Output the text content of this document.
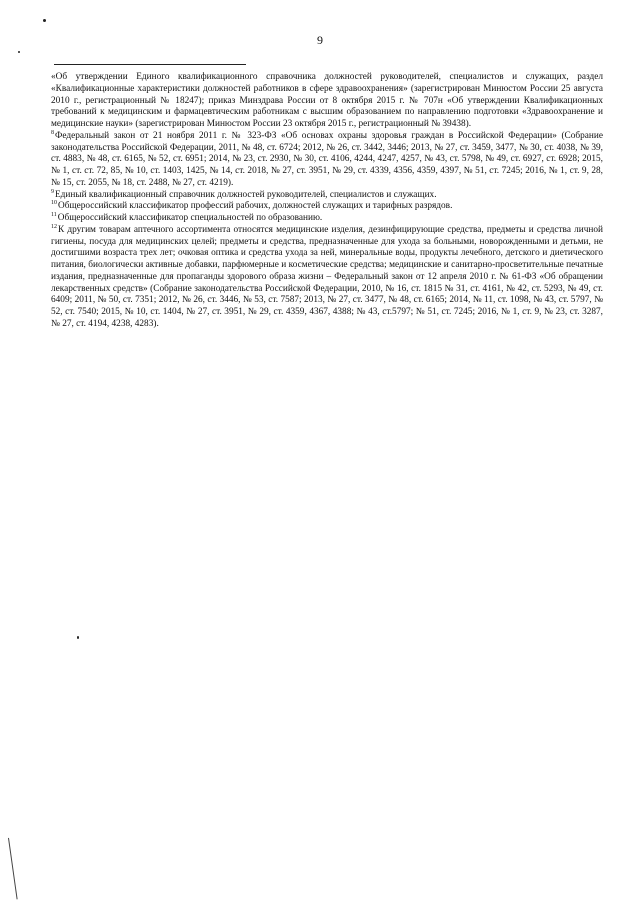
9

«Об утверждении Единого квалификационного справочника должностей руководителей, специалистов и служащих, раздел «Квалификационные характеристики должностей работников в сфере здравоохранения» (зарегистрирован Минюстом России 25 августа 2010 г., регистрационный № 18247); приказ Минздрава России от 8 октября 2015 г. № 707н «Об утверждении Квалификационных требований к медицинским и фармацевтическим работникам с высшим образованием по направлению подготовки «Здравоохранение и медицинские науки» (зарегистрирован Минюстом России 23 октября 2015 г., регистрационный № 39438).

$^8$Федеральный закон от 21 ноября 2011 г. № 323-ФЗ «Об основах охраны здоровья граждан в Российской Федерации» (Собрание законодательства Российской Федерации, 2011, № 48, ст. 6724; 2012, № 26, ст. 3442, 3446; 2013, № 27, ст. 3459, 3477, № 30, ст. 4038, № 39, ст. 4883, № 48, ст. 6165, № 52, ст. 6951; 2014, № 23, ст. 2930, № 30, ст. 4106, 4244, 4247, 4257, № 43, ст. 5798, № 49, ст. 6927, ст. 6928; 2015, № 1, ст. ст. 72, 85, № 10, ст. 1403, 1425, № 14, ст. 2018, № 27, ст. 3951, № 29, ст. 4339, 4356, 4359, 4397, № 51, ст. 7245; 2016, № 1, ст. 9, 28, № 15, ст. 2055, № 18, ст. 2488, № 27, ст. 4219).

$^9$Единый квалификационный справочник должностей руководителей, специалистов и служащих.

$^{10}$Общероссийский классификатор профессий рабочих, должностей служащих и тарифных разрядов.

$^{11}$Общероссийский классификатор специальностей по образованию.

$^{12}$К другим товарам аптечного ассортимента относятся медицинские изделия, дезинфицирующие средства, предметы и средства личной гигиены, посуда для медицинских целей; предметы и средства, предназначенные для ухода за больными, новорожденными и детьми, не достигшими возраста трех лет; очковая оптика и средства ухода за ней, минеральные воды, продукты лечебного, детского и диетического питания, биологически активные добавки, парфюмерные и косметические средства; медицинские и санитарно-просветительные печатные издания, предназначенные для пропаганды здорового образа жизни – Федеральный закон от 12 апреля 2010 г. № 61-ФЗ «Об обращении лекарственных средств» (Собрание законодательства Российской Федерации, 2010, № 16, ст. 1815 № 31, ст. 4161, № 42, ст. 5293, № 49, ст. 6409; 2011, № 50, ст. 7351; 2012, № 26, ст. 3446, № 53, ст. 7587; 2013, № 27, ст. 3477, № 48, ст. 6165; 2014, № 11, ст. 1098, № 43, ст. 5797, № 52, ст. 7540; 2015, № 10, ст. 1404, № 27, ст. 3951, № 29, ст. 4359, 4367, 4388; № 43, ст.5797; № 51, ст. 7245; 2016, № 1, ст. 9, № 23, ст. 3287, № 27, ст. 4194, 4238, 4283).
